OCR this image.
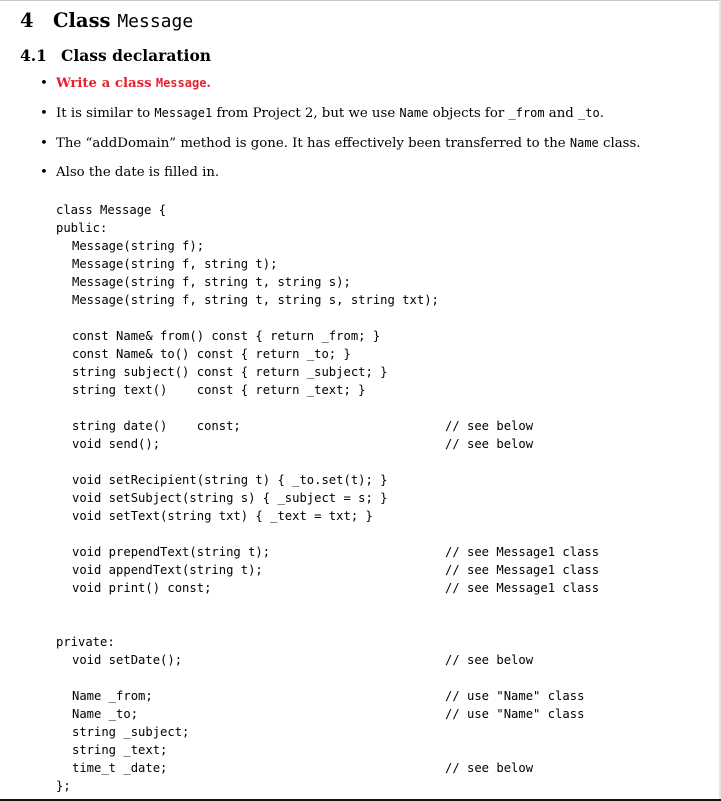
4 Class Message
4.1 Class declaration
• Write a class Message.
• It is similar to Message1 from Project 2, but we use Name objects for _from and _to.
• The “addDomain” method is gone. It has effectively been transferred to the Name class.
• Also the date is filled in.
class Message {
public:
Message(string f);
Message(string f, string t);
Message(string f, string t, string s);
Message(string f, string t, string s, string txt);
const Name& from() const { return _from; }
const Name& to() const { return _to; }
string subject() const { return _subject; }
string text()    const { return _text; }
string date()    const;	// see below
void send();	// see below
void setRecipient(string t) { _to.set(t); }
void setSubject(string s) { _subject = s; }
void setText(string txt) { _text = txt; }
void prependText(string t);	// see Message1 class
void appendText(string t);	// see Message1 class
void print() const;	// see Message1 class
private:
void setDate();	// see below
Name _from;	// use "Name" class
Name _to;	// use "Name" class
string _subject;
string _text;
time_t _date;	// see below
};
